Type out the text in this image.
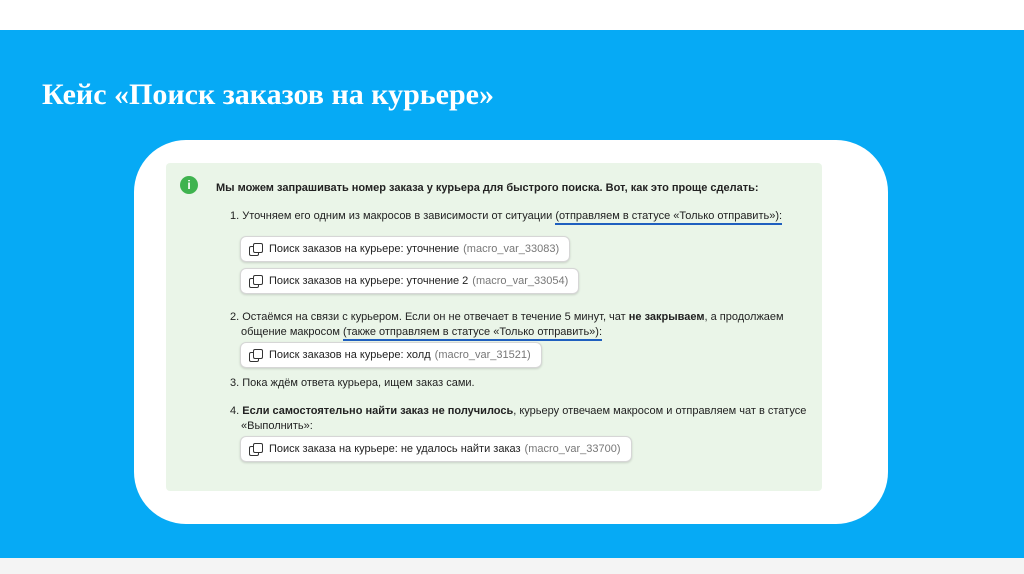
Кейс «Поиск заказов на курьере»
i	Мы можем запрашивать номер заказа у курьера для быстрого поиска. Вот, как это проще сделать:
1. Уточняем его одним из макросов в зависимости от ситуации (отправляем в статусе «Только отправить»):
Поиск заказов на курьере: уточнение (macro_var_33083)
Поиск заказов на курьере: уточнение 2 (macro_var_33054)
2. Остаёмся на связи с курьером. Если он не отвечает в течение 5 минут, чат не закрываем, а продолжаем
общение макросом (также отправляем в статусе «Только отправить»):
Поиск заказов на курьере: холд (macro_var_31521)
3. Пока ждём ответа курьера, ищем заказ сами.
4. Если самостоятельно найти заказ не получилось, курьеру отвечаем макросом и отправляем чат в статусе
«Выполнить»:
Поиск заказа на курьере: не удалось найти заказ (macro_var_33700)
